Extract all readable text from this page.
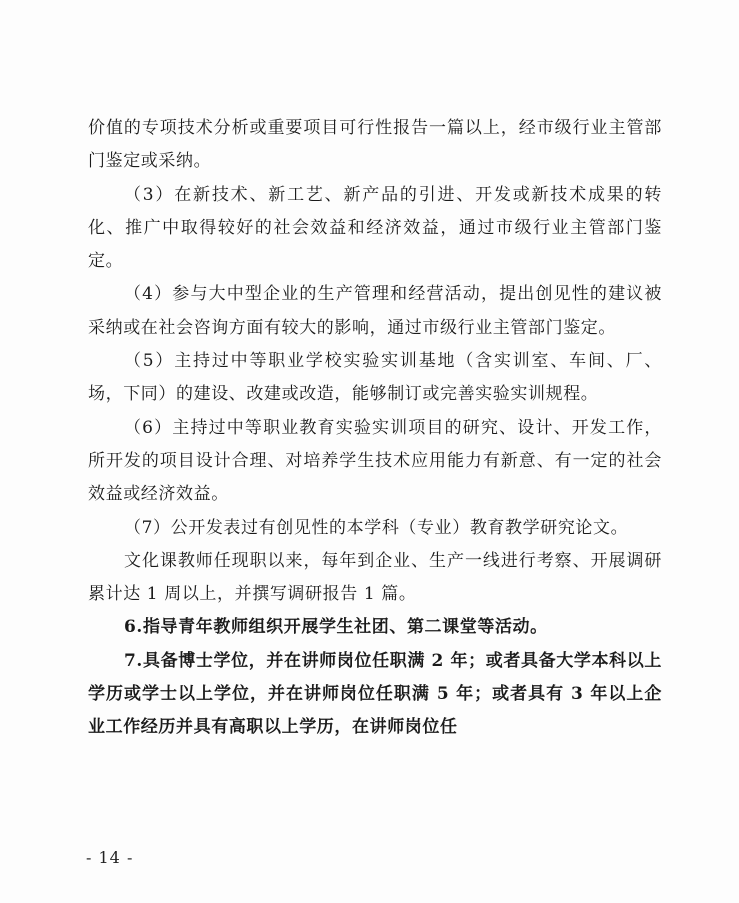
价值的专项技术分析或重要项目可行性报告一篇以上，经市级行业主管部门鉴定或采纳。

（3）在新技术、新工艺、新产品的引进、开发或新技术成果的转化、推广中取得较好的社会效益和经济效益，通过市级行业主管部门鉴定。

（4）参与大中型企业的生产管理和经营活动，提出创见性的建议被采纳或在社会咨询方面有较大的影响，通过市级行业主管部门鉴定。

（5）主持过中等职业学校实验实训基地（含实训室、车间、厂、场，下同）的建设、改建或改造，能够制订或完善实验实训规程。

（6）主持过中等职业教育实验实训项目的研究、设计、开发工作，所开发的项目设计合理、对培养学生技术应用能力有新意、有一定的社会效益或经济效益。

（7）公开发表过有创见性的本学科（专业）教育教学研究论文。

文化课教师任现职以来，每年到企业、生产一线进行考察、开展调研累计达 1 周以上，并撰写调研报告 1 篇。

6.指导青年教师组织开展学生社团、第二课堂等活动。

7.具备博士学位，并在讲师岗位任职满 2 年；或者具备大学本科以上学历或学士以上学位，并在讲师岗位任职满 5 年；或者具有 3 年以上企业工作经历并具有高职以上学历，在讲师岗位任

- 14 -
